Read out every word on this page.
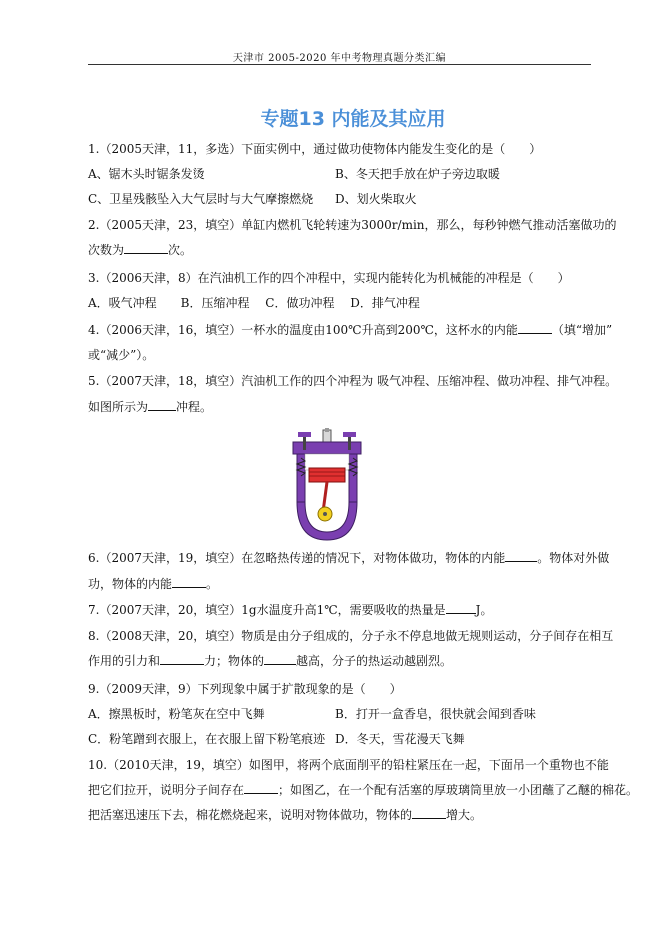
天津市 2005-2020 年中考物理真题分类汇编
专题13 内能及其应用
1.（2005天津，11，多选）下面实例中，通过做功使物体内能发生变化的是（　　）
A、锯木头时锯条发烫	B、冬天把手放在炉子旁边取暖
C、卫星残骸坠入大气层时与大气摩擦燃烧 D、划火柴取火
2.（2005天津，23，填空）单缸内燃机飞轮转速为3000r/min，那么，每秒钟燃气推动活塞做功的
次数为	次。
3.（2006天津，8）在汽油机工作的四个冲程中，实现内能转化为机械能的冲程是（　　）
A．吸气冲程　　B．压缩冲程　 C．做功冲程　 D．排气冲程
4.（2006天津，16，填空）一杯水的温度由100℃升高到200℃，这杯水的内能	（填“增加”
或“减少”）。
5.（2007天津，18，填空）汽油机工作的四个冲程为 吸气冲程、压缩冲程、做功冲程、排气冲程。
如图所示为 冲程。
6.（2007天津，19，填空）在忽略热传递的情况下，对物体做功，物体的内能	。物体对外做
功，物体的内能	。
7.（2007天津，20，填空）1g水温度升高1℃，需要吸收的热量是	J。
8.（2008天津，20，填空）物质是由分子组成的，分子永不停息地做无规则运动，分子间存在相互
作用的引力和	力；物体的	越高，分子的热运动越剧烈。
9.（2009天津，9）下列现象中属于扩散现象的是（　　）
A．擦黑板时，粉笔灰在空中飞舞	B．打开一盒香皂，很快就会闻到香味
C．粉笔蹭到衣服上，在衣服上留下粉笔痕迹 D．冬天，雪花漫天飞舞
10.（2010天津，19，填空）如图甲，将两个底面削平的铅柱紧压在一起，下面吊一个重物也不能
把它们拉开，说明分子间存在	；如图乙，在一个配有活塞的厚玻璃筒里放一小团蘸了乙醚的棉花。
把活塞迅速压下去，棉花燃烧起来，说明对物体做功，物体的	增大。
